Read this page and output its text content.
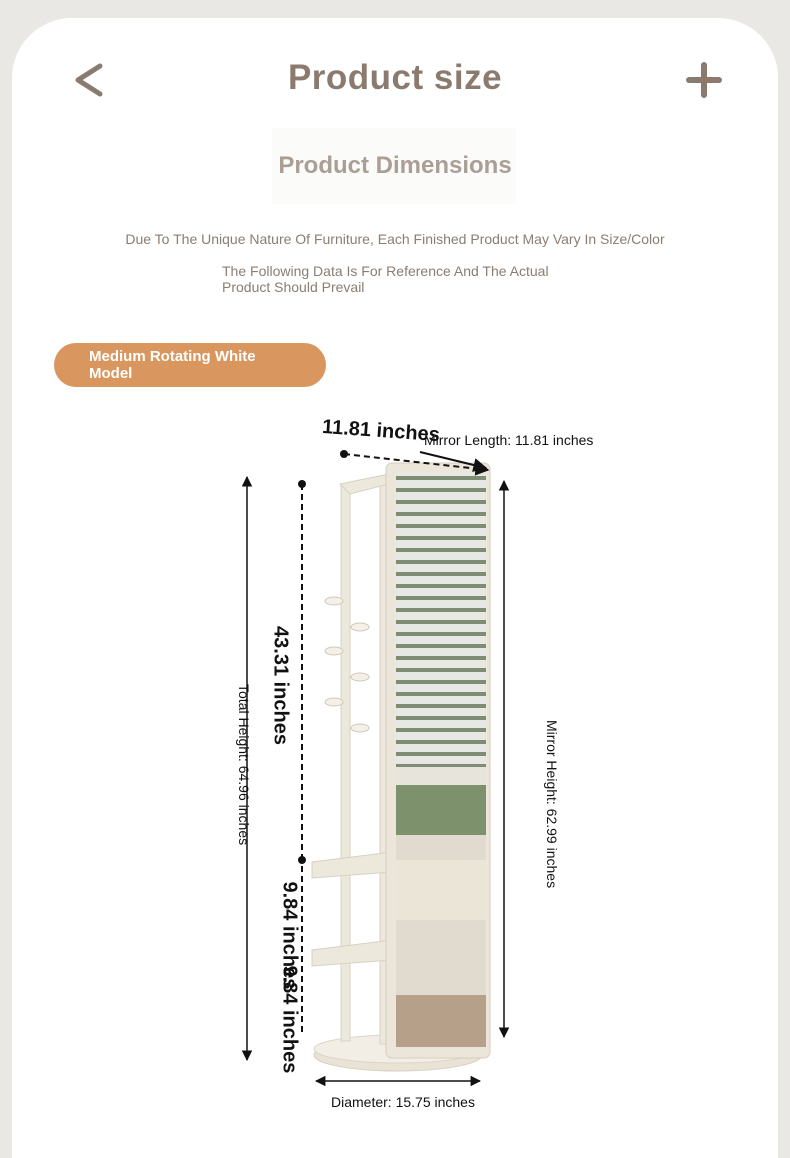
Product size
Product Dimensions
Due To The Unique Nature Of Furniture, Each Finished Product May Vary In Size/Color
The Following Data Is For Reference And The Actual
Product Should Prevail
Medium Rotating White
Model
11.81 inches
Mirror Length: 11.81 inches
Total Height: 64.96 inches 43.31 inches
9.84 inches
9.84 inches
Mirror Height: 62.99 inches
Diameter: 15.75 inches
